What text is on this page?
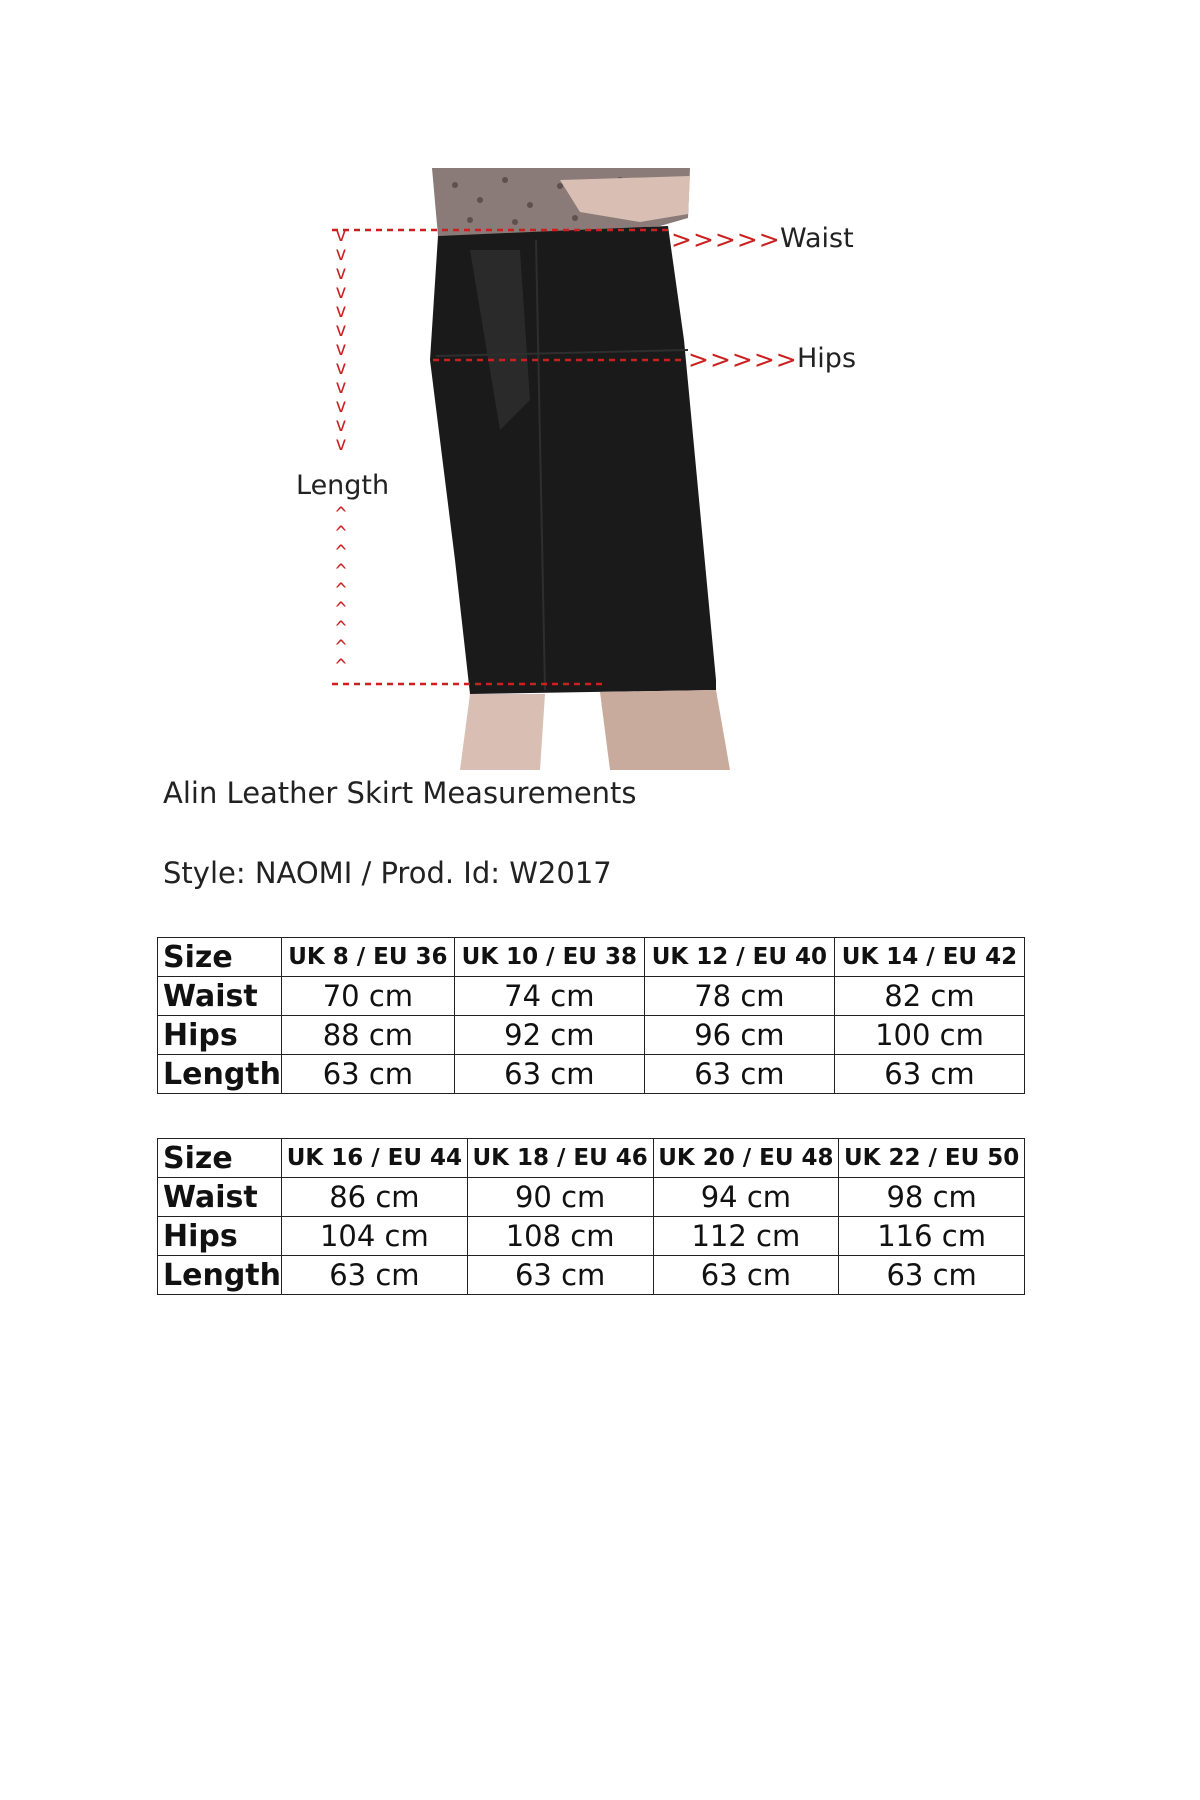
v
v
v
v
v
v
v
v
v
v
v
v
^
^
^
^
^
^
^
^
^
Length
>>>>> Waist
>>>>> Hips
Alin Leather Skirt Measurements
Style: NAOMI / Prod. Id: W2017
Size	UK 8 / EU 36	UK 10 / EU 38	UK 12 / EU 40	UK 14 / EU 42
Waist	70 cm	74 cm	78 cm	82 cm
Hips	88 cm	92 cm	96 cm	100 cm
Length	63 cm	63 cm	63 cm	63 cm
Size	UK 16 / EU 44	UK 18 / EU 46	UK 20 / EU 48	UK 22 / EU 50
Waist	86 cm	90 cm	94 cm	98 cm
Hips	104 cm	108 cm	112 cm	116 cm
Length	63 cm	63 cm	63 cm	63 cm
